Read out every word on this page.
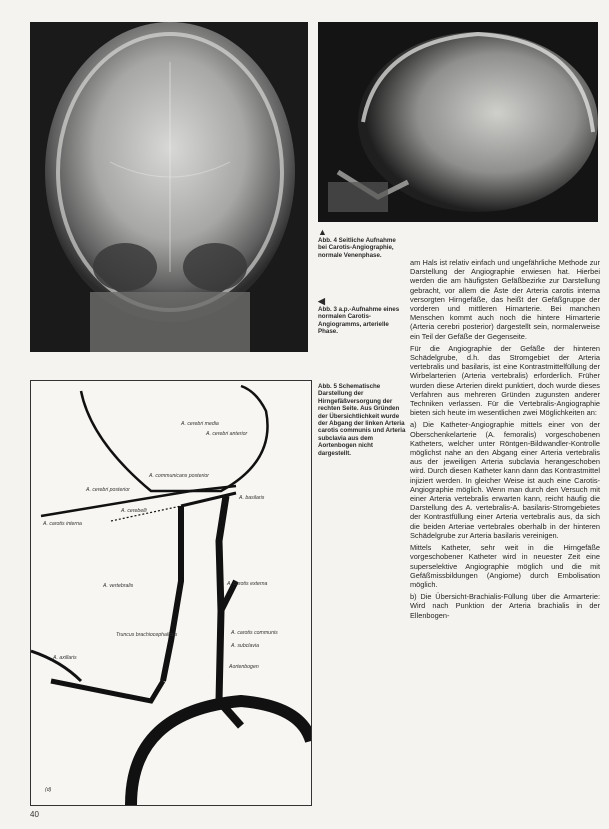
▲
Abb. 4 Seitliche Aufnahme bei Carotis-Angiographie, normale Venenphase.
◀
Abb. 3 a.p.-Aufnahme eines normalen Carotis-Angiogramms, arterielle Phase.
Abb. 5 Schematische Darstellung der Hirngefäßversorgung der rechten Seite. Aus Gründen der Übersichtlichkeit wurde der Abgang der linken Arteria carotis communis und Arteria subclavia aus dem Aortenbogen nicht dargestellt.

am Hals ist relativ einfach und ungefährliche Methode zur Darstellung der Angiographie erwiesen hat. Hierbei werden die am häufigsten Gefäßbezirke zur Darstellung gebracht, vor allem die Äste der Arteria carotis interna versorgten Hirngefäße, das heißt der Gefäßgruppe der vorderen und mittleren Hirnarterie. Bei manchen Menschen kommt auch noch die hintere Hirnarterie (Arteria cerebri posterior) dargestellt sein, normalerweise ein Teil der Gefäße der Gegenseite.

Für die Angiographie der Gefäße der hinteren Schädelgrube, d.h. das Stromgebiet der Arteria vertebralis und basilaris, ist eine Kontrastmittelfüllung der Wirbelarterien (Arteria vertebralis) erforderlich. Früher wurden diese Arterien direkt punktiert, doch wurde dieses Verfahren aus mehreren Gründen zugunsten anderer Techniken verlassen. Für die Vertebralis-Angiographie bieten sich heute im wesentlichen zwei Möglichkeiten an:

a) Die Katheter-Angiographie mittels einer von der Oberschenkelarterie (A. femoralis) vorgeschobenen Katheters, welcher unter Röntgen-Bildwandler-Kontrolle möglichst nahe an den Abgang einer Arteria vertebralis aus der jeweiligen Arteria subclavia herangeschoben wird. Durch diesen Katheter kann dann das Kontrastmittel injiziert werden. In gleicher Weise ist auch eine Carotis-Angiographie möglich. Wenn man durch den Versuch mit einer Arteria vertebralis erwarten kann, reicht häufig die Darstellung des A. vertebralis-A. basilaris-Stromgebietes der Kontrastfüllung einer Arteria vertebralis aus, da sich die beiden Arteriae vertebrales oberhalb in der hinteren Schädelgrube zur Arteria basilaris vereinigen.

Mittels Katheter, sehr weit in die Hirngefäße vorgeschobener Katheter wird in neuester Zeit eine superselektive Angiographie möglich und die mit Gefäßmissbildungen (Angiome) durch Embolisation möglich.

b) Die Übersicht-Brachialis-Füllung über die Armarterie: Wird nach Punktion der Arteria brachialis in der Ellenbogen-

A. cerebri media
A. cerebri anterior
A. communicans posterior
A. cerebri posterior
A. basilaris
A. cerebelli
A. carotis interna
A. vertebralis	A. carotis externa
A. carotis communis
A. subclavia
Truncus brachiocephalicus
Aortenbogen
A. axillaris
(d)
40
